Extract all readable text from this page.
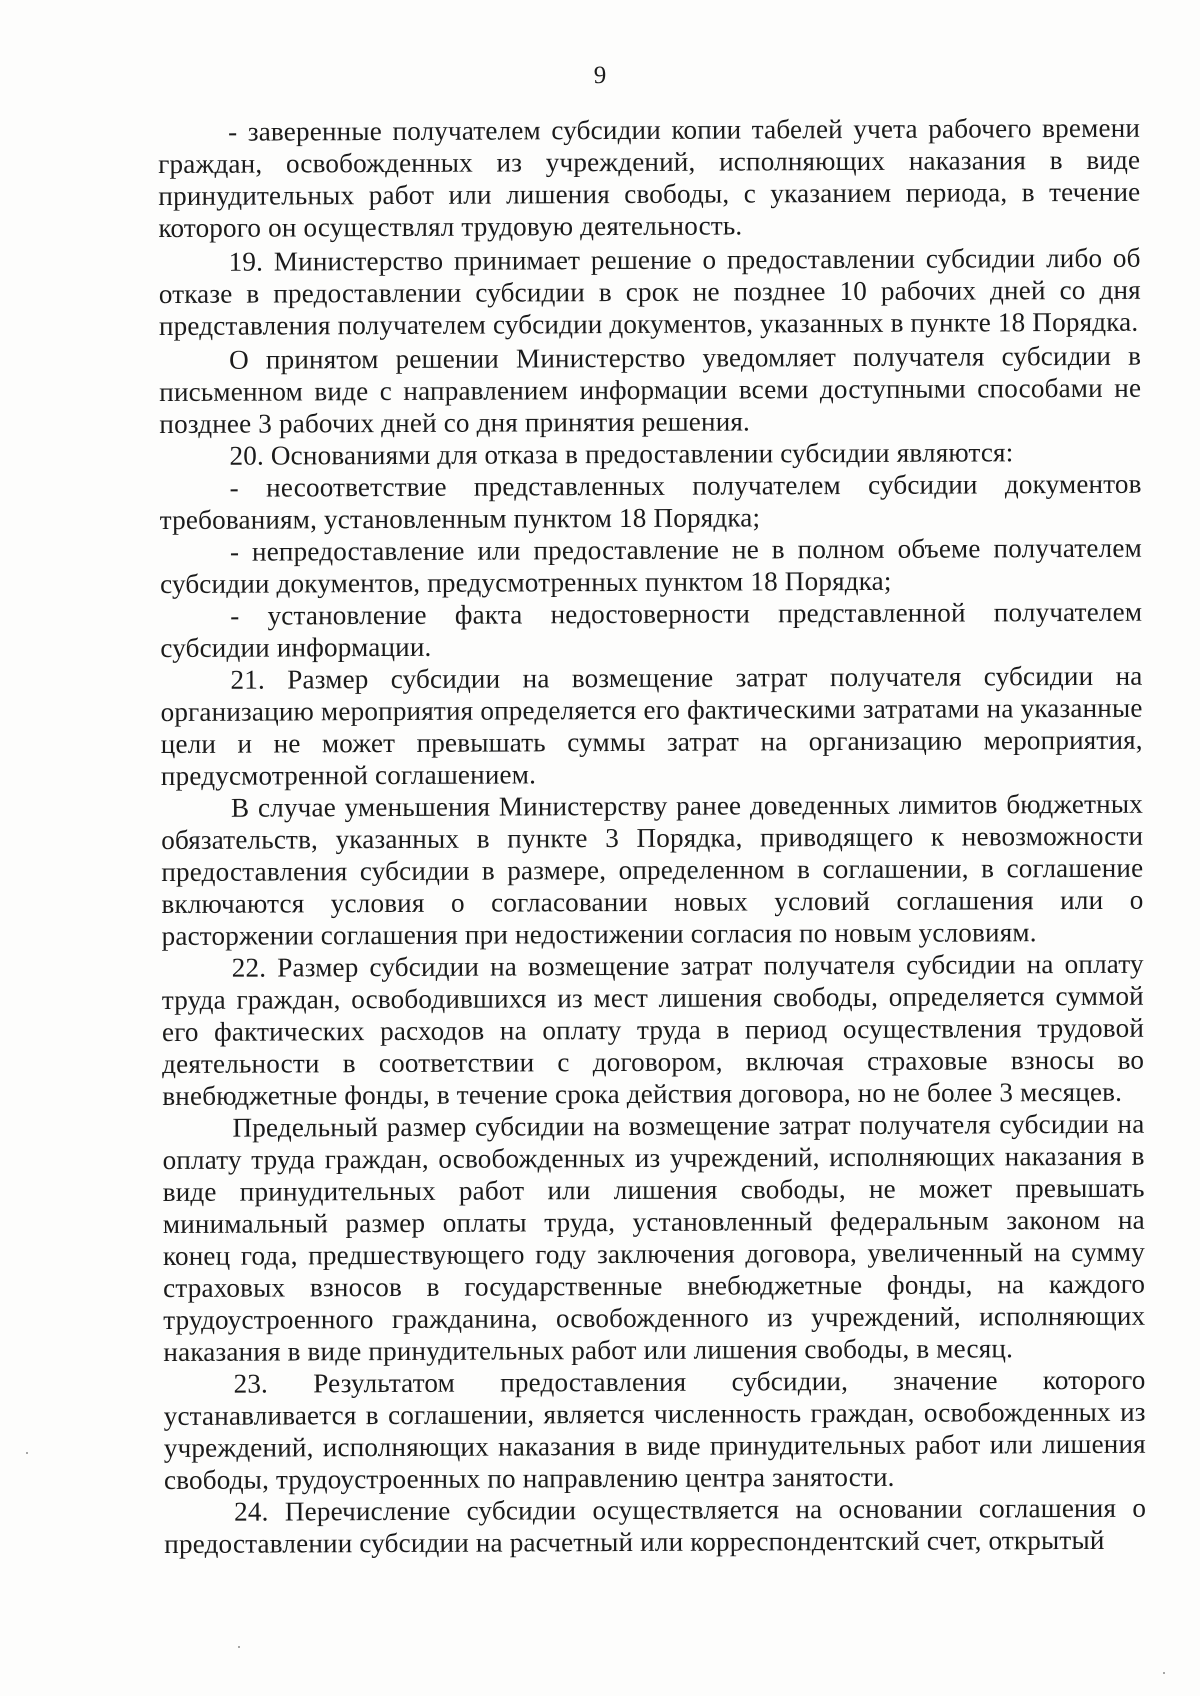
9

- заверенные получателем субсидии копии табелей учета рабочего времени граждан, освобожденных из учреждений, исполняющих наказания в виде принудительных работ или лишения свободы, с указанием периода, в течение которого он осуществлял трудовую деятельность.

19. Министерство принимает решение о предоставлении субсидии либо об отказе в предоставлении субсидии в срок не позднее 10 рабочих дней со дня представления получателем субсидии документов, указанных в пункте 18 Порядка.

О принятом решении Министерство уведомляет получателя субсидии в письменном виде с направлением информации всеми доступными способами не позднее 3 рабочих дней со дня принятия решения.

20. Основаниями для отказа в предоставлении субсидии являются:

- несоответствие представленных получателем субсидии документов требованиям, установленным пунктом 18 Порядка;

- непредоставление или предоставление не в полном объеме получателем субсидии документов, предусмотренных пунктом 18 Порядка;

- установление факта недостоверности представленной получателем субсидии информации.

21. Размер субсидии на возмещение затрат получателя субсидии на организацию мероприятия определяется его фактическими затратами на указанные цели и не может превышать суммы затрат на организацию мероприятия, предусмотренной соглашением.

В случае уменьшения Министерству ранее доведенных лимитов бюджетных обязательств, указанных в пункте 3 Порядка, приводящего к невозможности предоставления субсидии в размере, определенном в соглашении, в соглашение включаются условия о согласовании новых условий соглашения или о расторжении соглашения при недостижении согласия по новым условиям.

22. Размер субсидии на возмещение затрат получателя субсидии на оплату труда граждан, освободившихся из мест лишения свободы, определяется суммой его фактических расходов на оплату труда в период осуществления трудовой деятельности в соответствии с договором, включая страховые взносы во внебюджетные фонды, в течение срока действия договора, но не более 3 месяцев.

Предельный размер субсидии на возмещение затрат получателя субсидии на оплату труда граждан, освобожденных из учреждений, исполняющих наказания в виде принудительных работ или лишения свободы, не может превышать минимальный размер оплаты труда, установленный федеральным законом на конец года, предшествующего году заключения договора, увеличенный на сумму страховых взносов в государственные внебюджетные фонды, на каждого трудоустроенного гражданина, освобожденного из учреждений, исполняющих наказания в виде принудительных работ или лишения свободы, в месяц.

23. Результатом предоставления субсидии, значение которого устанавливается в соглашении, является численность граждан, освобожденных из учреждений, исполняющих наказания в виде принудительных работ или лишения свободы, трудоустроенных по направлению центра занятости.

24. Перечисление субсидии осуществляется на основании соглашения о предоставлении субсидии на расчетный или корреспондентский счет, открытый
